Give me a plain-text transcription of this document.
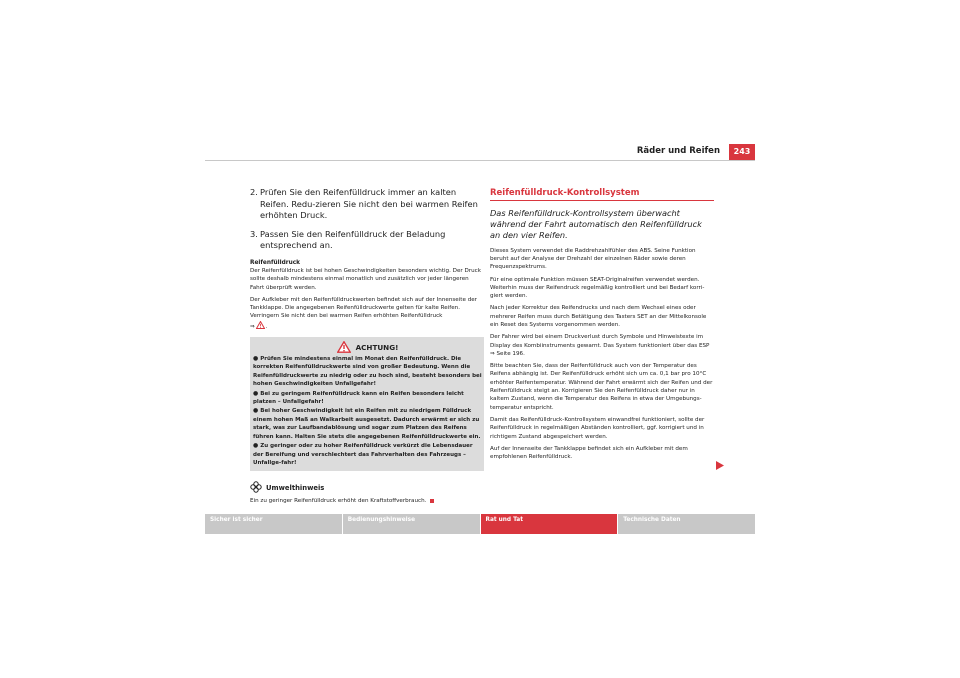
Räder und Reifen	243
2. Prüfen Sie den Reifenfülldruck immer an kalten Reifen. Redu-zieren Sie nicht den bei warmen Reifen erhöhten Druck.
3. Passen Sie den Reifenfülldruck der Beladung entsprechend an.

Reifenfülldruck

Der Reifenfülldruck ist bei hohen Geschwindigkeiten besonders wichtig. Der Druck sollte deshalb mindestens einmal monatlich und zusätzlich vor jeder längeren Fahrt überprüft werden.

Der Aufkleber mit den Reifenfülldruckwerten befindet sich auf der Innenseite der Tankklappe. Die angegebenen Reifenfülldruckwerte gelten für kalte Reifen. Verringern Sie nicht den bei warmen Reifen erhöhten Reifenfülldruck
⇒ .

ACHTUNG!

● Prüfen Sie mindestens einmal im Monat den Reifenfülldruck. Die korrekten Reifenfülldruckwerte sind von großer Bedeutung. Wenn die Reifenfülldruckwerte zu niedrig oder zu hoch sind, besteht besonders bei hohen Geschwindigkeiten Unfallgefahr!

● Bei zu geringem Reifenfülldruck kann ein Reifen besonders leicht platzen – Unfallgefahr!

● Bei hoher Geschwindigkeit ist ein Reifen mit zu niedrigem Fülldruck einem hohen Maß an Walkarbeit ausgesetzt. Dadurch erwärmt er sich zu stark, was zur Laufbandablösung und sogar zum Platzen des Reifens führen kann. Halten Sie stets die angegebenen Reifenfülldruckwerte ein.

● Zu geringer oder zu hoher Reifenfülldruck verkürzt die Lebensdauer der Bereifung und verschlechtert das Fahrverhalten des Fahrzeugs – Unfallge-fahr!

Umwelthinweis
Ein zu geringer Reifenfülldruck erhöht den Kraftstoffverbrauch.

Reifenfülldruck-Kontrollsystem

Das Reifenfülldruck-Kontrollsystem überwacht während der Fahrt automatisch den Reifenfülldruck an den vier Reifen.

Dieses System verwendet die Raddrehzahlfühler des ABS. Seine Funktion beruht auf der Analyse der Drehzahl der einzelnen Räder sowie deren Frequenzspektrums.

Für eine optimale Funktion müssen SEAT-Originalreifen verwendet werden. Weiterhin muss der Reifendruck regelmäßig kontrolliert und bei Bedarf korri-giert werden.

Nach jeder Korrektur des Reifendrucks und nach dem Wechsel eines oder mehrerer Reifen muss durch Betätigung des Tasters SET an der Mittelkonsole ein Reset des Systems vorgenommen werden.

Der Fahrer wird bei einem Druckverlust durch Symbole und Hinweistexte im Display des Kombiinstruments gewarnt. Das System funktioniert über das ESP ⇒ Seite 196.

Bitte beachten Sie, dass der Reifenfülldruck auch von der Temperatur des Reifens abhängig ist. Der Reifenfülldruck erhöht sich um ca. 0,1 bar pro 10°C erhöhter Reifentemperatur. Während der Fahrt erwärmt sich der Reifen und der Reifenfülldruck steigt an. Korrigieren Sie den Reifenfülldruck daher nur in kaltem Zustand, wenn die Temperatur des Reifens in etwa der Umgebungs-temperatur entspricht.

Damit das Reifenfülldruck-Kontrollsystem einwandfrei funktioniert, sollte der Reifenfülldruck in regelmäßigen Abständen kontrolliert, ggf. korrigiert und in richtigem Zustand abgespeichert werden.

Auf der Innenseite der Tankklappe befindet sich ein Aufkleber mit dem empfohlenen Reifenfülldruck.

Sicher ist sicher	Bedienungshinweise	Rat und Tat	Technische Daten
